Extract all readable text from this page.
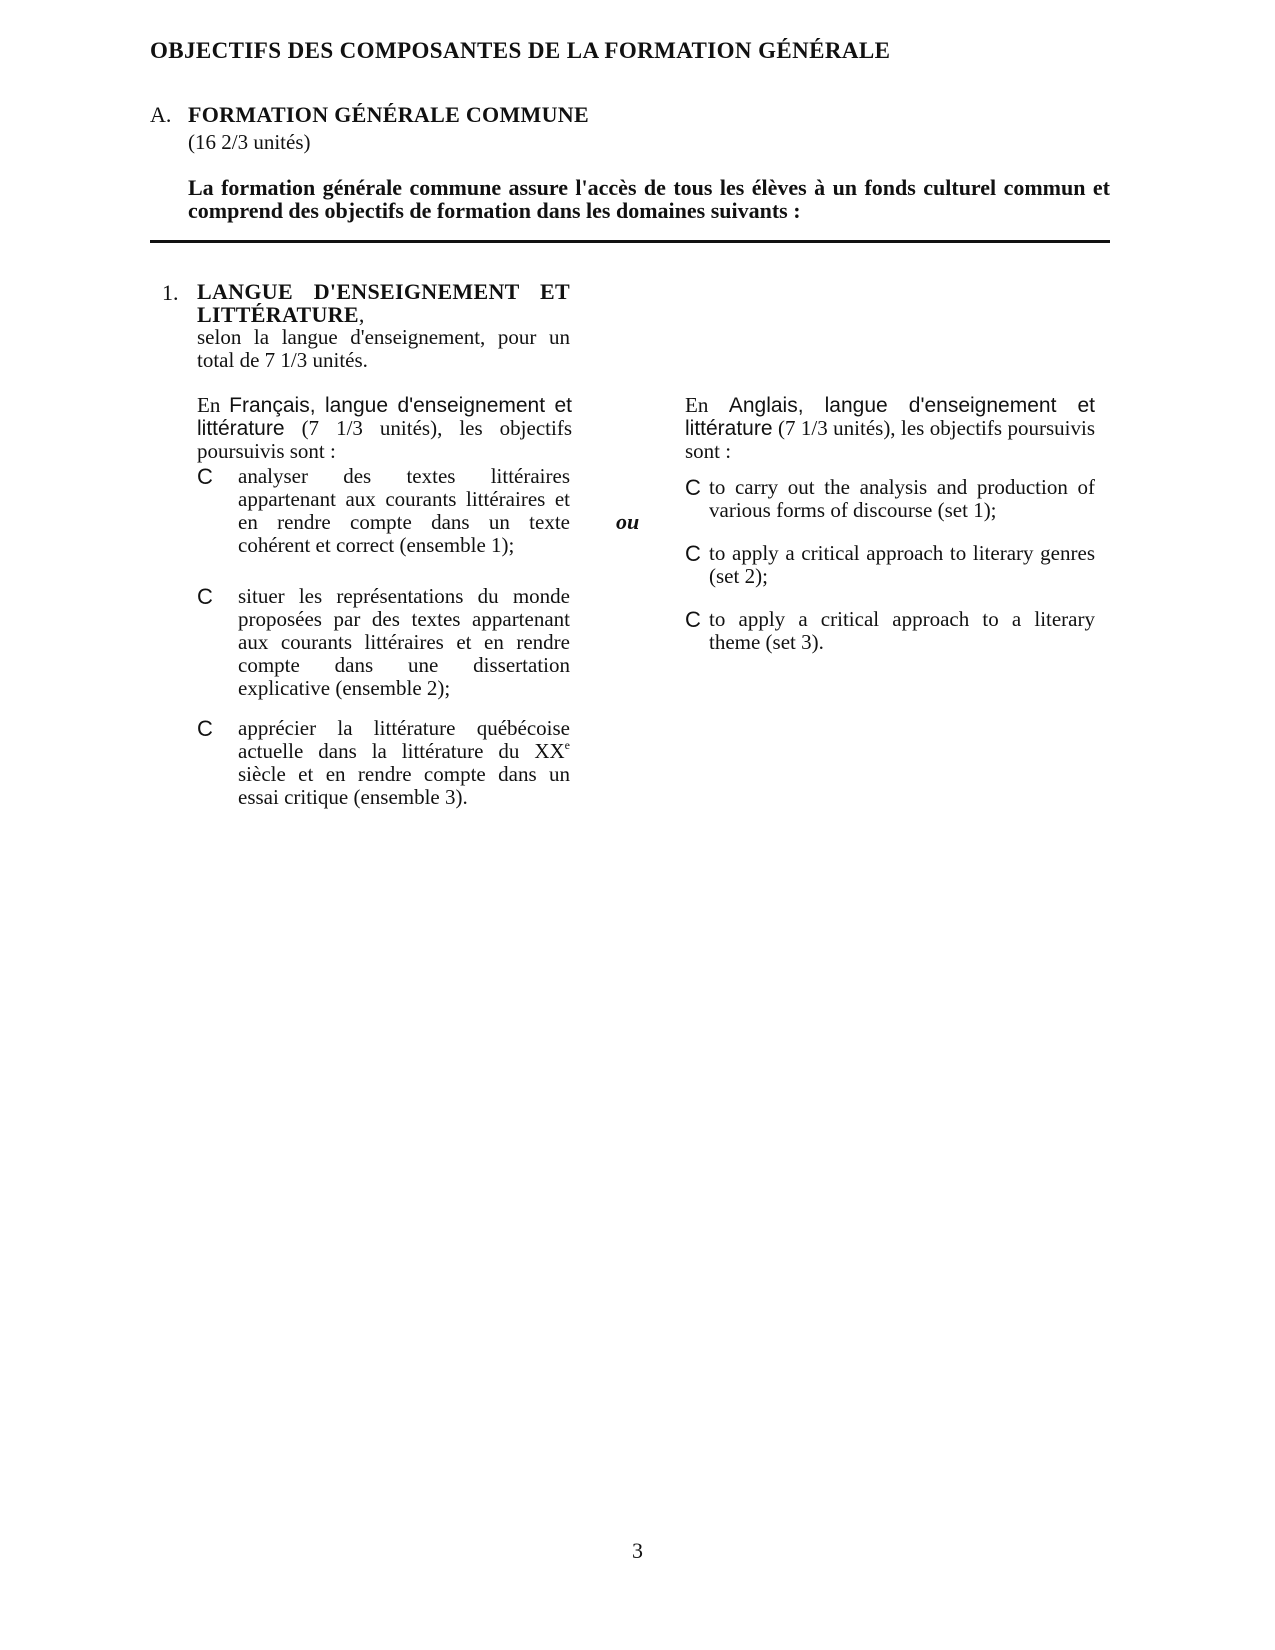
OBJECTIFS DES COMPOSANTES DE LA FORMATION GÉNÉRALE
A. FORMATION GÉNÉRALE COMMUNE
(16 2/3 unités)
La formation générale commune assure l'accès de tous les élèves à un fonds culturel commun et comprend des objectifs de formation dans les domaines suivants :
1. LANGUE D'ENSEIGNEMENT ET LITTÉRATURE,
selon la langue d'enseignement, pour un total de 7 1/3 unités.
En Français, langue d'enseignement et littérature (7 1/3 unités), les objectifs poursuivis sont :
En Anglais, langue d'enseignement et littérature (7 1/3 unités), les objectifs poursuivis sont :
C analyser des textes littéraires appartenant aux courants littéraires et en rendre compte dans un texte cohérent et correct (ensemble 1);
C situer les représentations du monde proposées par des textes appartenant aux courants littéraires et en rendre compte dans une dissertation explicative (ensemble 2);
C apprécier la littérature québécoise actuelle dans la littérature du XXe siècle et en rendre compte dans un essai critique (ensemble 3).
ou
C to carry out the analysis and production of various forms of discourse (set 1);
C to apply a critical approach to literary genres (set 2);
C to apply a critical approach to a literary theme (set 3).
3
